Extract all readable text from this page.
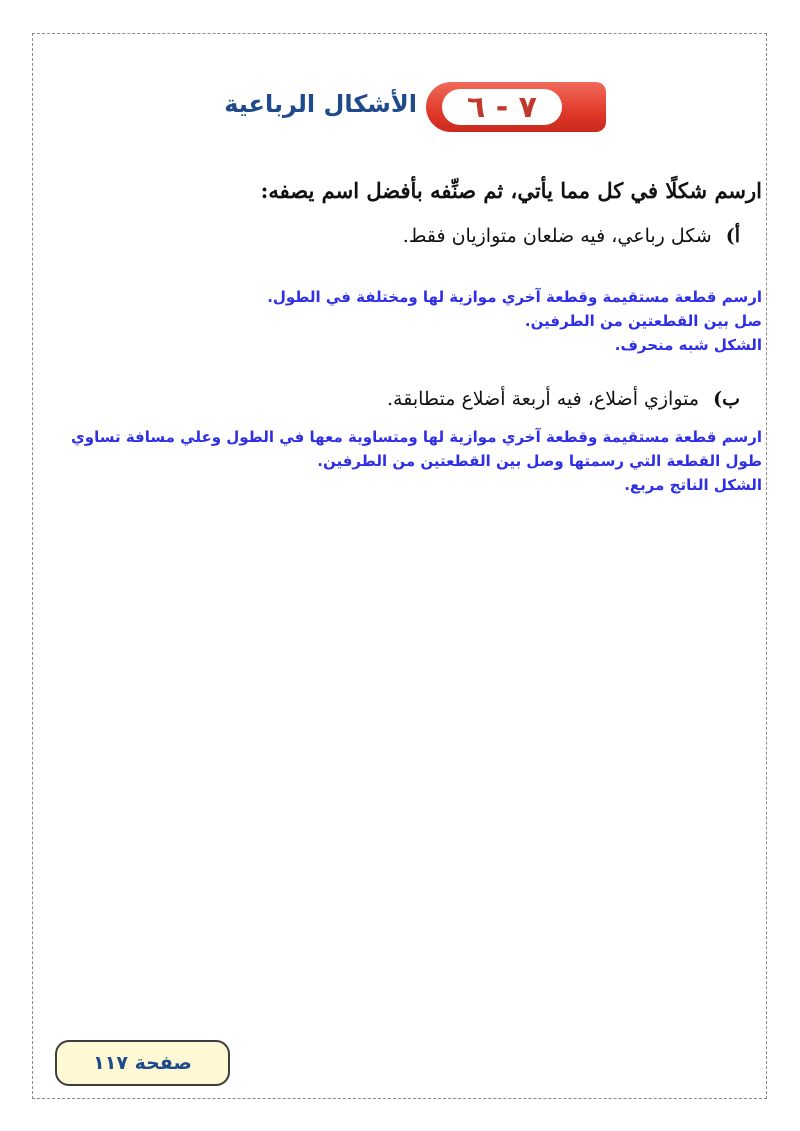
٧ - ٦
الأشكال الرباعية
ارسم شكلًا في كل مما يأتي، ثم صنِّفه بأفضل اسم يصفه:
أ) شكل رباعي، فيه ضلعان متوازيان فقط.

ارسم قطعة مستقيمة وقطعة آخري موازية لها ومختلفة في الطول.

صل بين القطعتين من الطرفين.

الشكل شبه منحرف.

ب) متوازي أضلاع، فيه أربعة أضلاع متطابقة.

ارسم قطعة مستقيمة وقطعة آخري موازية لها ومتساوية معها في الطول وعلي مسافة تساوي

طول القطعة التي رسمتها وصل بين القطعتين من الطرفين.

الشكل الناتج مربع.

صفحة ١١٧
